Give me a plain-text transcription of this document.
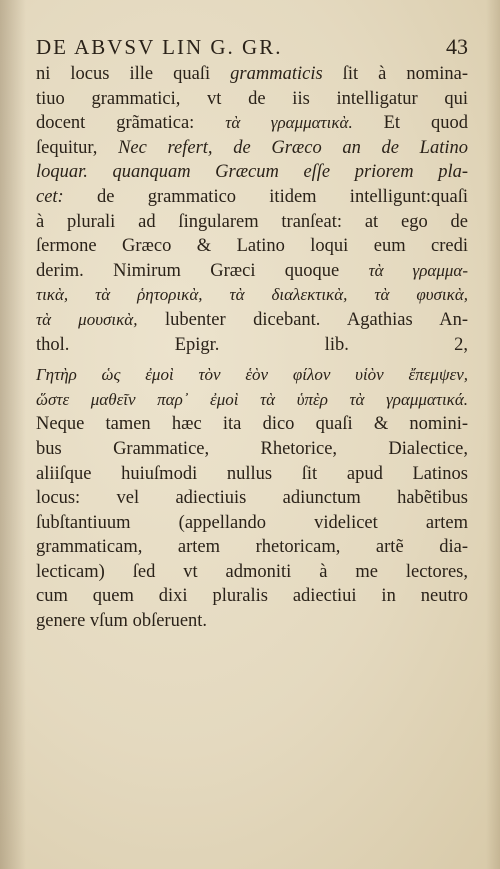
DE ABVSV LIN G. GR.	43
ni locus ille quaſi grammaticis ſit à nomina-
tiuo grammatici, vt de iis intelligatur qui
docent grãmatica: τὰ γραμματικὰ. Et quod
ſequitur, Nec refert, de Græco an de Latino
loquar. quanquam Græcum eſſe priorem pla-
cet: de grammatico itidem intelligunt:quaſi
à plurali ad ſingularem tranſeat: at ego de
ſermone Græco & Latino loqui eum credi
derim. Nimirum Græci quoque τὰ γραμμα-
τικὰ, τὰ ῥητορικὰ, τὰ διαλεκτικὰ, τὰ φυσικὰ,
τὰ μουσικὰ, lubenter dicebant. Agathias An-
thol. Epigr. lib. 2,
Γητὴρ ὡς ἐμοὶ τὸν ἑὸν φίλον υἱὸν ἔπεμψεν,
ὥστε μαθεῖν παρ᾽ ἐμοὶ τὰ ὑπὲρ τὰ γραμματικά.
Neque tamen hæc ita dico quaſi & nomini-
bus Grammatice, Rhetorice, Dialectice,
aliiſque huiuſmodi nullus ſit apud Latinos
locus: vel adiectiuis adiunctum habẽtibus
ſubſtantiuum (appellando videlicet artem
grammaticam, artem rhetoricam, artẽ dia-
lecticam) ſed vt admoniti à me lectores,
cum quem dixi pluralis adiectiui in neutro
genere vſum obſeruent.
